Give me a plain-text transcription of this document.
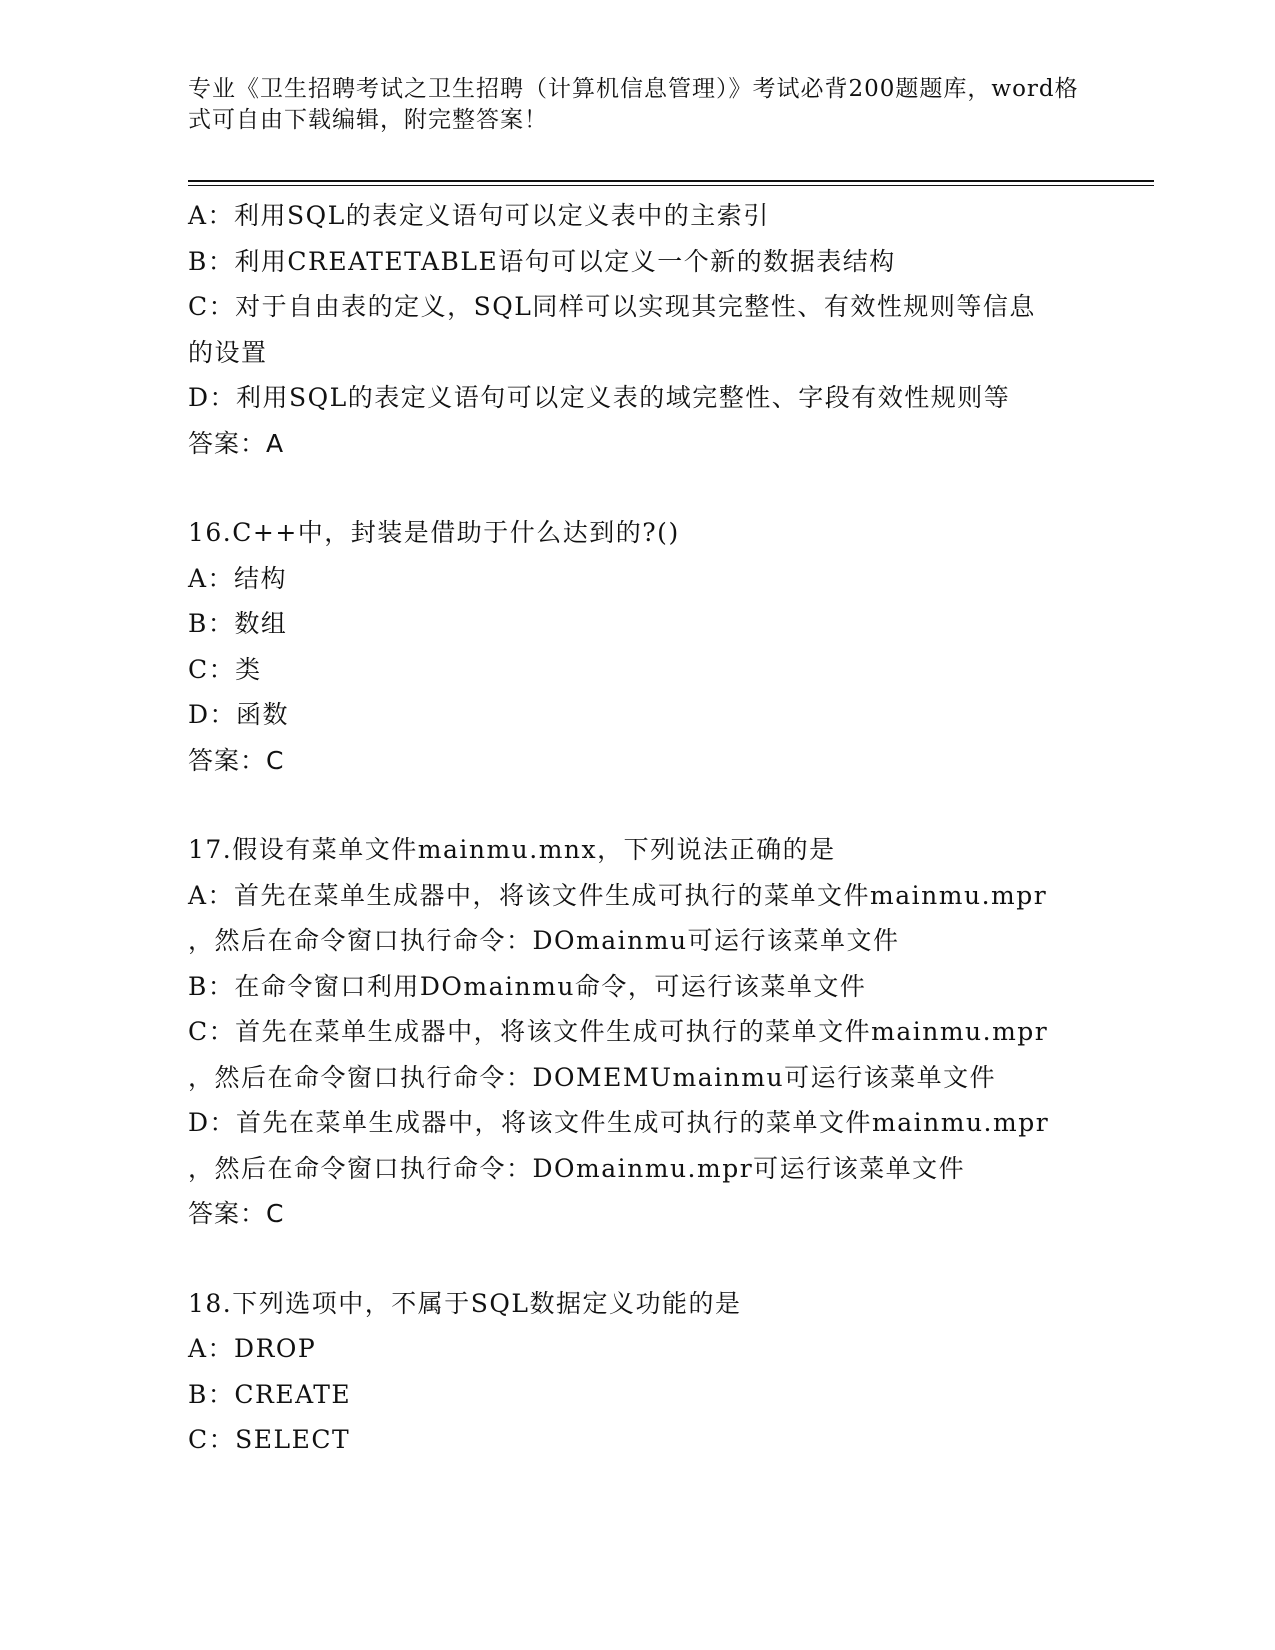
专业《卫生招聘考试之卫生招聘（计算机信息管理）》考试必背200题题库，word格式可自由下载编辑，附完整答案！
A：利用SQL的表定义语句可以定义表中的主索引
B：利用CREATETABLE语句可以定义一个新的数据表结构
C：对于自由表的定义，SQL同样可以实现其完整性、有效性规则等信息的设置
D：利用SQL的表定义语句可以定义表的域完整性、字段有效性规则等
答案：A
16.C++中，封装是借助于什么达到的?()
A：结构
B：数组
C：类
D：函数
答案：C
17.假设有菜单文件mainmu.mnx，下列说法正确的是
A：首先在菜单生成器中，将该文件生成可执行的菜单文件mainmu.mpr
，然后在命令窗口执行命令：DOmainmu可运行该菜单文件
B：在命令窗口利用DOmainmu命令，可运行该菜单文件
C：首先在菜单生成器中，将该文件生成可执行的菜单文件mainmu.mpr
，然后在命令窗口执行命令：DOMEMUmainmu可运行该菜单文件
D：首先在菜单生成器中，将该文件生成可执行的菜单文件mainmu.mpr
，然后在命令窗口执行命令：DOmainmu.mpr可运行该菜单文件
答案：C
18.下列选项中，不属于SQL数据定义功能的是
A：DROP
B：CREATE
C：SELECT
